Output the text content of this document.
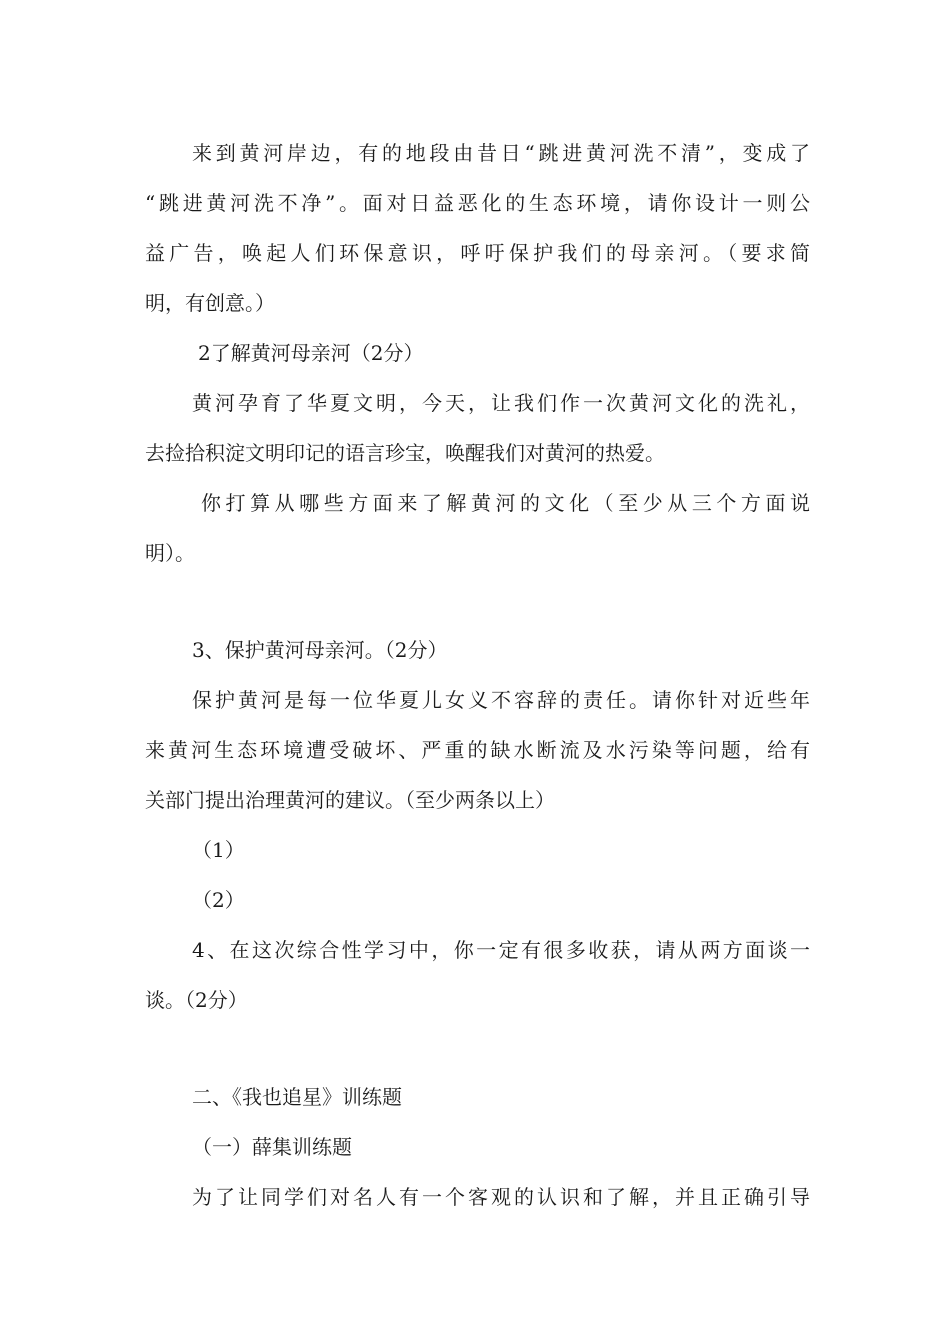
来到黄河岸边，有的地段由昔日“跳进黄河洗不清”，变成了
“跳进黄河洗不净”。面对日益恶化的生态环境，请你设计一则公
益广告，唤起人们环保意识，呼吁保护我们的母亲河。（要求简
明，有创意。）
2了解黄河母亲河（2分）
黄河孕育了华夏文明，今天，让我们作一次黄河文化的洗礼，
去捡拾积淀文明印记的语言珍宝，唤醒我们对黄河的热爱。
你打算从哪些方面来了解黄河的文化（至少从三个方面说
明）。
3、保护黄河母亲河。（2分）
保护黄河是每一位华夏儿女义不容辞的责任。请你针对近些年
来黄河生态环境遭受破坏、严重的缺水断流及水污染等问题，给有
关部门提出治理黄河的建议。（至少两条以上）
（1）
（2）
4、在这次综合性学习中，你一定有很多收获，请从两方面谈一
谈。（2分）
二、《我也追星》训练题
（一）薛集训练题
为了让同学们对名人有一个客观的认识和了解，并且正确引导
